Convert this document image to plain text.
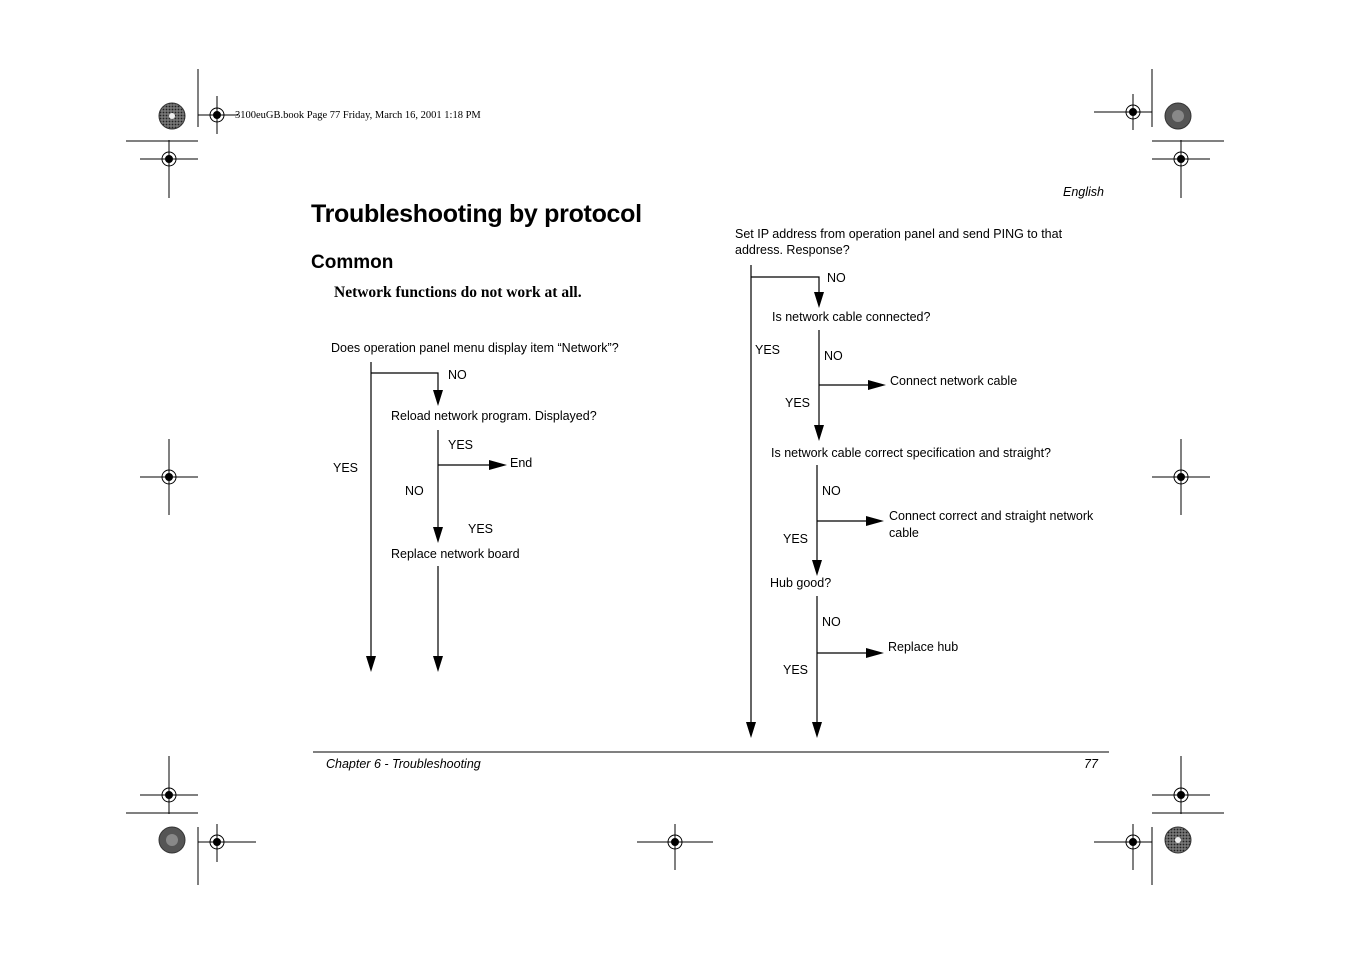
3100euGB.book Page 77 Friday, March 16, 2001 1:18 PM
English
Troubleshooting by protocol
Common
Network functions do not work at all.
Does operation panel menu display item “Network”?
NO
YES
Reload network program. Displayed?
YES
End
NO
YES
Replace network board
Set IP address from operation panel and send PING to that
address. Response?
NO
YES
Is network cable connected?
NO
Connect network cable
YES
Is network cable correct specification and straight?
NO
Connect correct and straight network
cable
YES
Hub good?
NO
Replace hub
YES
Chapter 6 - Troubleshooting	77
